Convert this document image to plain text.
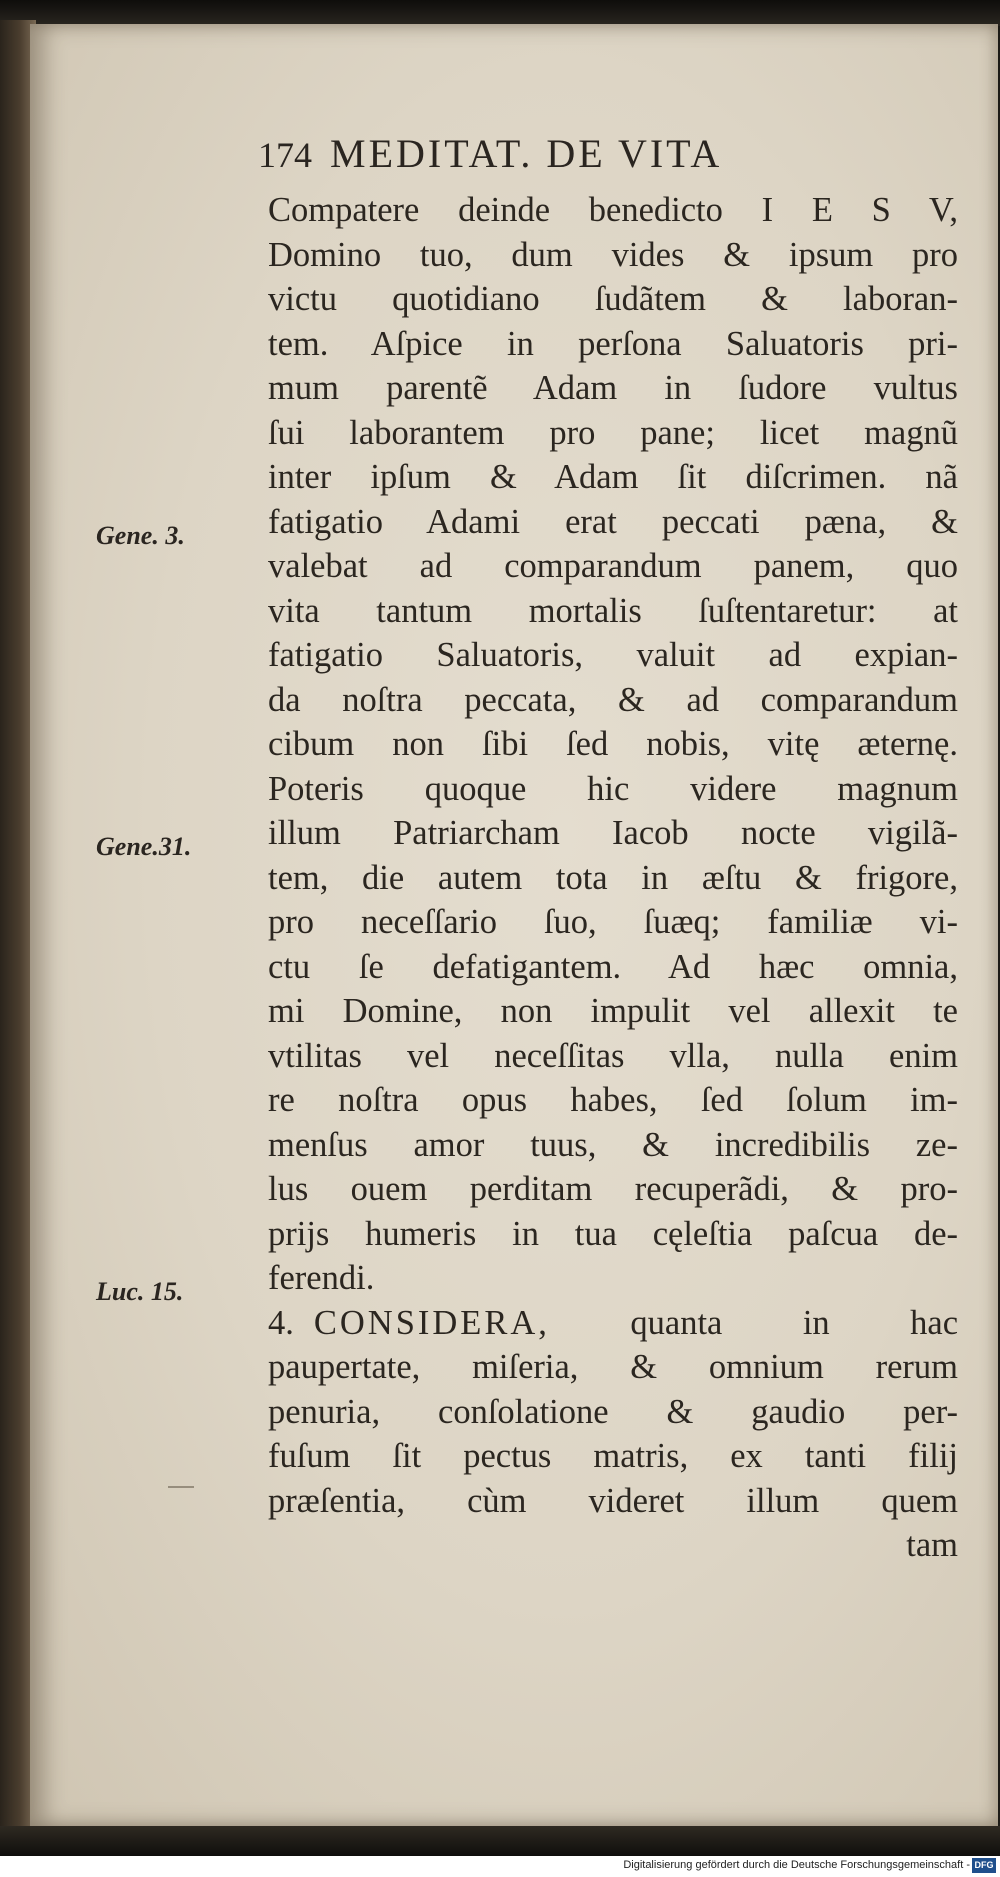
174 MEDITAT. DE VITA
Gene. 3.
Gene.31.
Luc. 15.
Compatere deinde benedicto I E S V,
Domino tuo, dum vides & ipsum pro
victu quotidiano ſudãtem & laboran-
tem. Aſpice in perſona Saluatoris pri-
mum parentẽ Adam in ſudore vultus
ſui laborantem pro pane; licet magnũ
inter ipſum & Adam ſit diſcrimen. nã
fatigatio Adami erat peccati pæna, &
valebat ad comparandum panem, quo
vita tantum mortalis ſuſtentaretur: at
fatigatio Saluatoris, valuit ad expian-
da noſtra peccata, & ad comparandum
cibum non ſibi ſed nobis, vitę æternę.
Poteris quoque hic videre magnum
illum Patriarcham Iacob nocte vigilã-
tem, die autem tota in æſtu & frigore,
pro neceſſario ſuo, ſuæq; familiæ vi-
ctu ſe defatigantem. Ad hæc omnia,
mi Domine, non impulit vel allexit te
vtilitas vel neceſſitas vlla, nulla enim
re noſtra opus habes, ſed ſolum im-
menſus amor tuus, & incredibilis ze-
lus ouem perditam recuperãdi, & pro-
prijs humeris in tua cęleſtia paſcua de-
ferendi.
4. CONSIDERA, quanta in hac
paupertate, miſeria, & omnium rerum
penuria, conſolatione & gaudio per-
fuſum ſit pectus matris, ex tanti filij
præſentia, cùm videret illum quem
tam
Digitalisierung gefördert durch die Deutsche Forschungsgemeinschaft - DFG
